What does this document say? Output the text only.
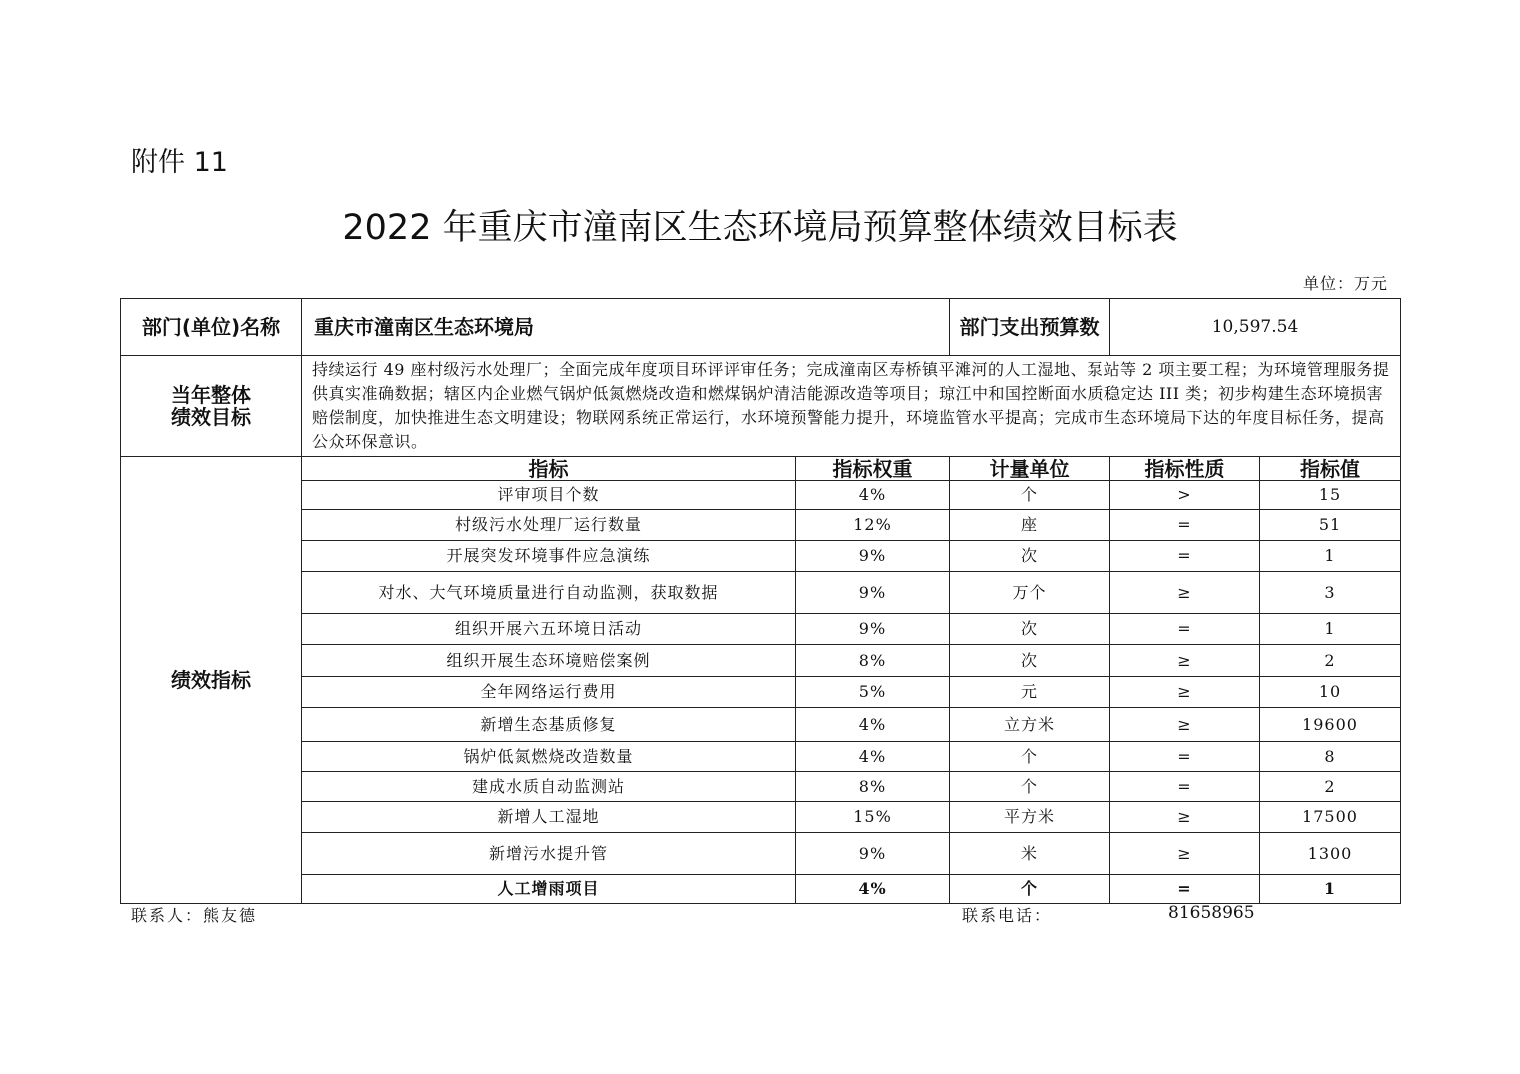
附件 11
2022 年重庆市潼南区生态环境局预算整体绩效目标表
单位：万元
部门(单位)名称	重庆市潼南区生态环境局		部门支出预算数	10,597.54	
当年整体
绩效目标	持续运行 49 座村级污水处理厂；全面完成年度项目环评评审任务；完成潼南区寿桥镇平滩河的人工湿地、泵站等 2 项主要工程；为环境管理服务提供真实准确数据；辖区内企业燃气锅炉低氮燃烧改造和燃煤锅炉清洁能源改造等项目；琼江中和国控断面水质稳定达 III 类；初步构建生态环境损害赔偿制度，加快推进生态文明建设；物联网系统正常运行，水环境预警能力提升，环境监管水平提高；完成市生态环境局下达的年度目标任务，提高公众环保意识。				
绩效指标	指标	指标权重	计量单位	指标性质	指标值
	评审项目个数	4%	个	>	15
	村级污水处理厂运行数量	12%	座	=	51
	开展突发环境事件应急演练	9%	次	=	1
	对水、大气环境质量进行自动监测，获取数据	9%	万个	≥	3
	组织开展六五环境日活动	9%	次	=	1
	组织开展生态环境赔偿案例	8%	次	≥	2
	全年网络运行费用	5%	元	≥	10
	新增生态基质修复	4%	立方米	≥	19600
	锅炉低氮燃烧改造数量	4%	个	=	8
	建成水质自动监测站	8%	个	=	2
	新增人工湿地	15%	平方米	≥	17500
	新增污水提升管	9%	米	≥	1300
	人工增雨项目	4%	个	=	1
联系人：熊友德	联系电话：	81658965
